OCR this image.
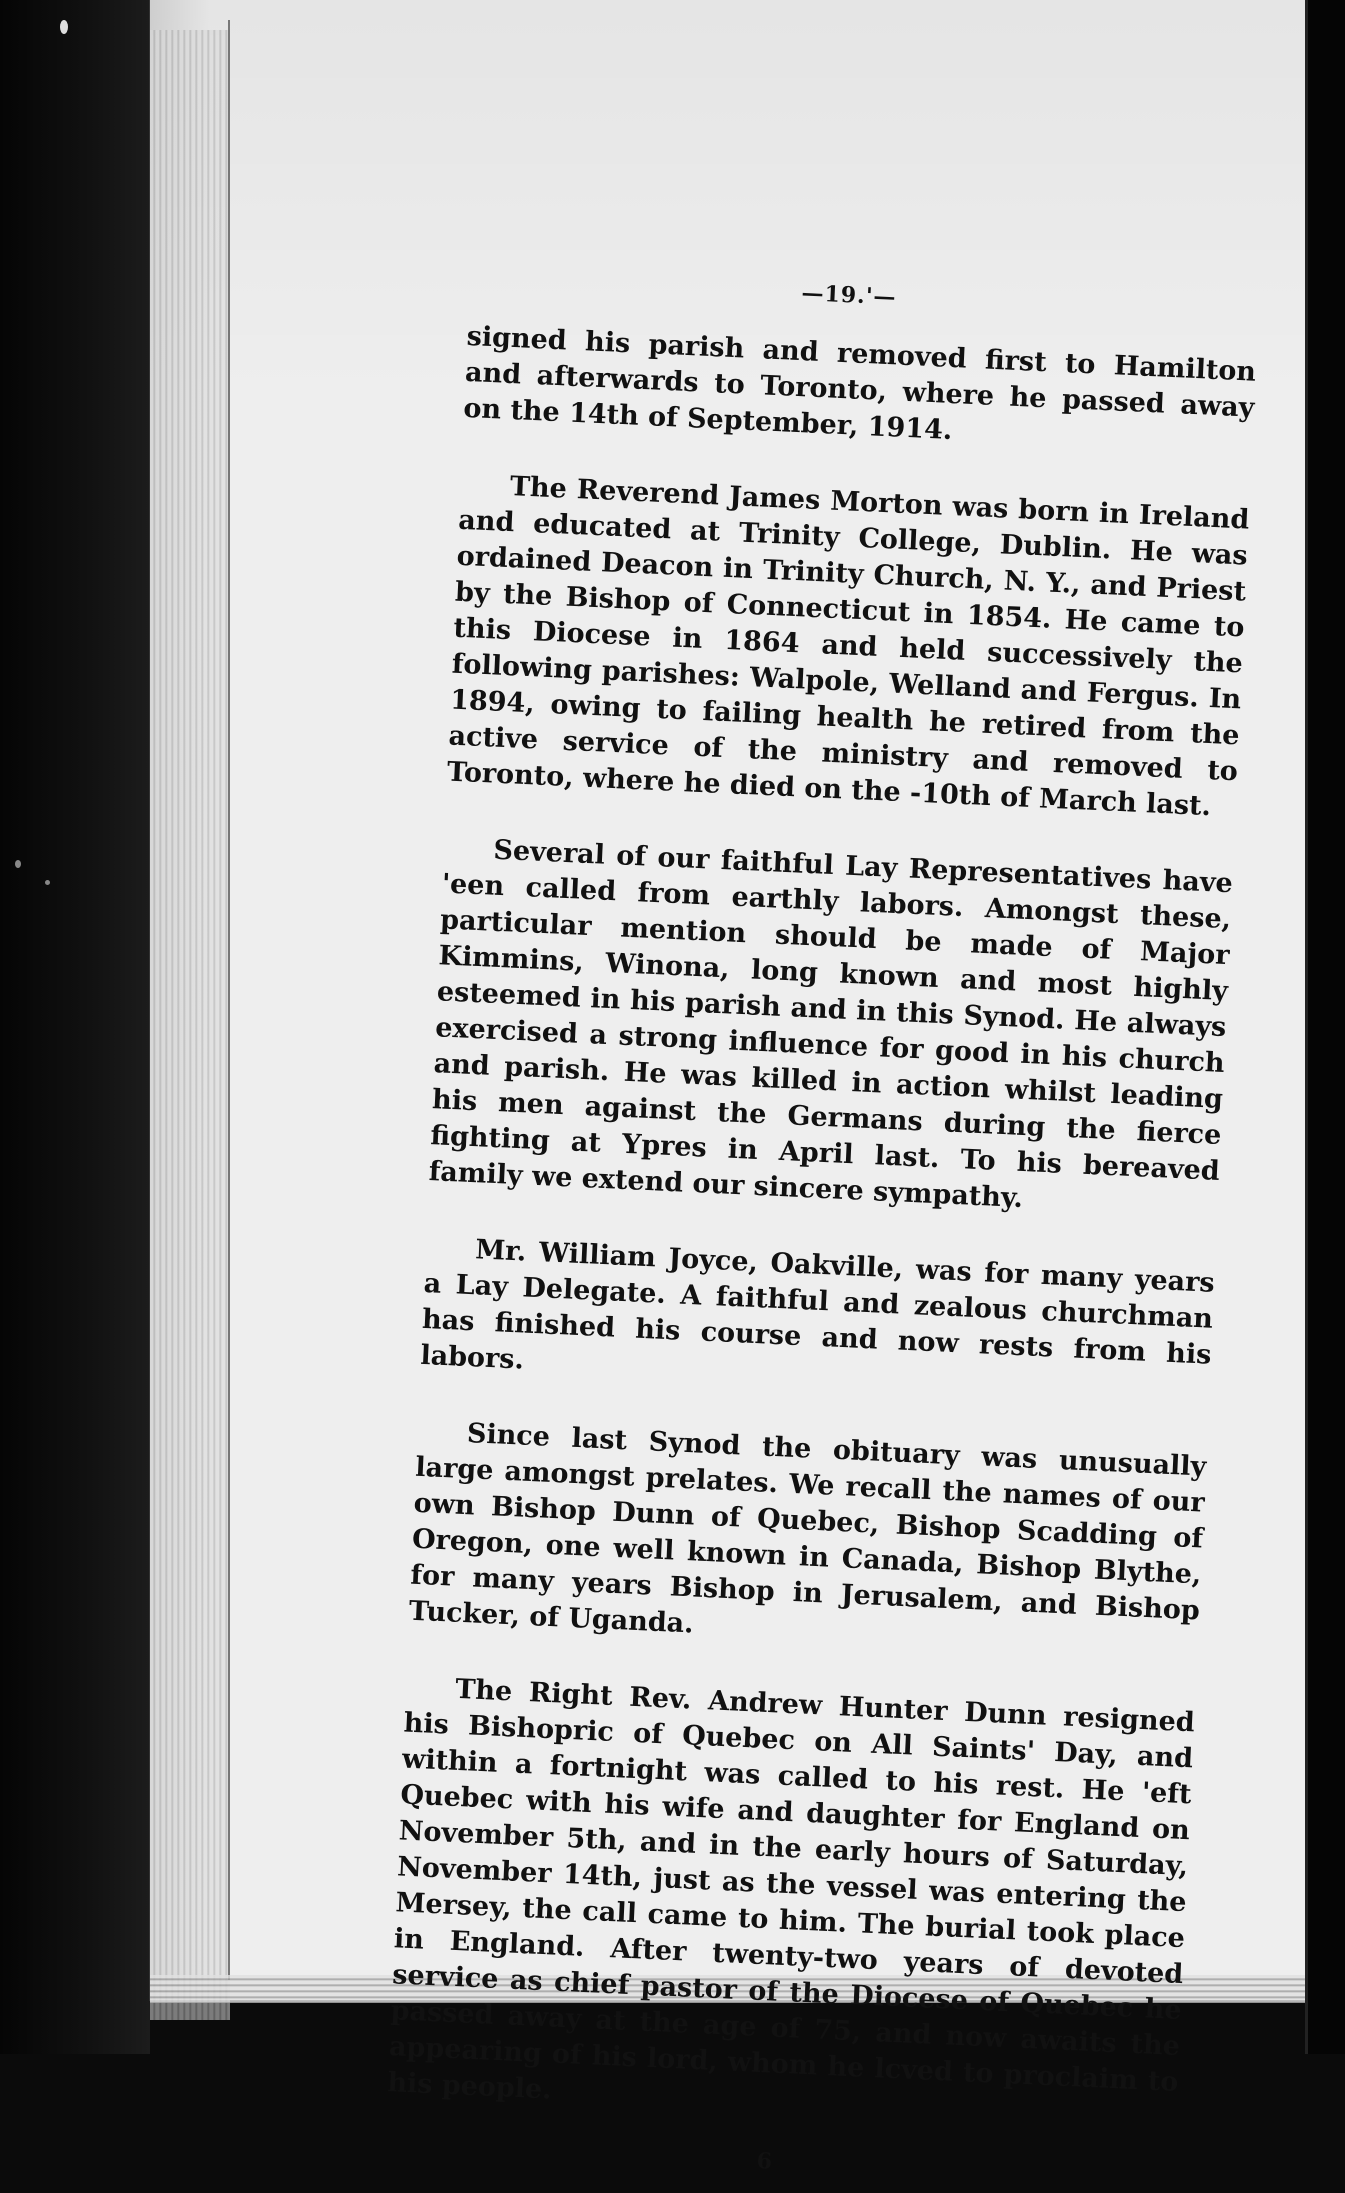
—19.'—

signed his parish and removed first to Hamilton and afterwards to Toronto, where he passed away on the 14th of September, 1914.

The Reverend James Morton was born in Ireland and educated at Trinity College, Dublin. He was ordained Deacon in Trinity Church, N. Y., and Priest by the Bishop of Connecticut in 1854. He came to this Diocese in 1864 and held successively the following parishes: Walpole, Welland and Fergus. In 1894, owing to failing health he retired from the active service of the ministry and removed to Toronto, where he died on the -10th of March last.

Several of our faithful Lay Representatives have 'een called from earthly labors. Amongst these, particular mention should be made of Major Kimmins, Winona, long known and most highly esteemed in his parish and in this Synod. He always exercised a strong influence for good in his church and parish. He was killed in action whilst leading his men against the Germans during the fierce fighting at Ypres in April last. To his bereaved family we extend our sincere sympathy.

Mr. William Joyce, Oakville, was for many years a Lay Delegate. A faithful and zealous churchman has finished his course and now rests from his labors.

Since last Synod the obituary was unusually large amongst prelates. We recall the names of our own Bishop Dunn of Quebec, Bishop Scadding of Oregon, one well known in Canada, Bishop Blythe, for many years Bishop in Jerusalem, and Bishop Tucker, of Uganda.

The Right Rev. Andrew Hunter Dunn resigned his Bishopric of Quebec on All Saints' Day, and within a fortnight was called to his rest. He 'eft Quebec with his wife and daughter for England on November 5th, and in the early hours of Saturday, November 14th, just as the vessel was entering the Mersey, the call came to him. The burial took place in England. After twenty-two years of devoted service as chief pastor of the Diocese of Quebec he passed away at the age of 75, and now awaits the appearing of his lord, whom he lcved to proclaim to his people.

6
